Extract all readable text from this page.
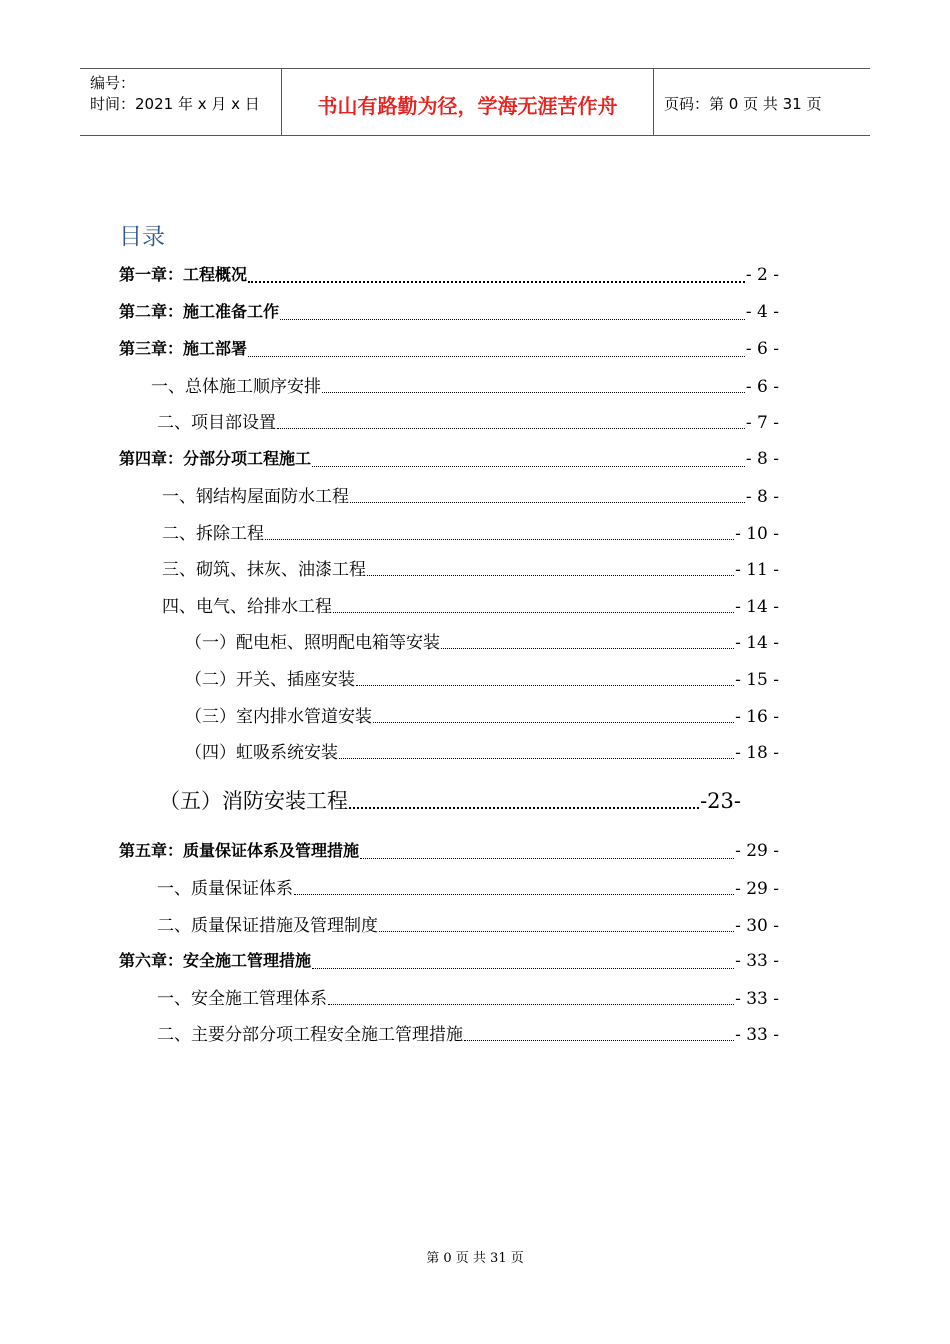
编号：
时间：2021 年 x 月 x 日	书山有路勤为径，学海无涯苦作舟	页码：第 0 页 共 31 页
目录
第一章：工程概况	- 2 -
第二章：施工准备工作	- 4 -
第三章：施工部署	- 6 -
一、总体施工顺序安排	- 6 -
二、项目部设置	- 7 -
第四章：分部分项工程施工	- 8 -
一、钢结构屋面防水工程	- 8 -
二、拆除工程	- 10 -
三、砌筑、抹灰、油漆工程	- 11 -
四、电气、给排水工程	- 14 -
（一）配电柜、照明配电箱等安装	- 14 -
（二）开关、插座安装	- 15 -
（三）室内排水管道安装	- 16 -
（四）虹吸系统安装	- 18 -
（五）消防安装工程	-23-
第五章：质量保证体系及管理措施	- 29 -
一、质量保证体系	- 29 -
二、质量保证措施及管理制度	- 30 -
第六章：安全施工管理措施	- 33 -
一、安全施工管理体系	- 33 -
二、主要分部分项工程安全施工管理措施	- 33 -
第 0 页 共 31 页
